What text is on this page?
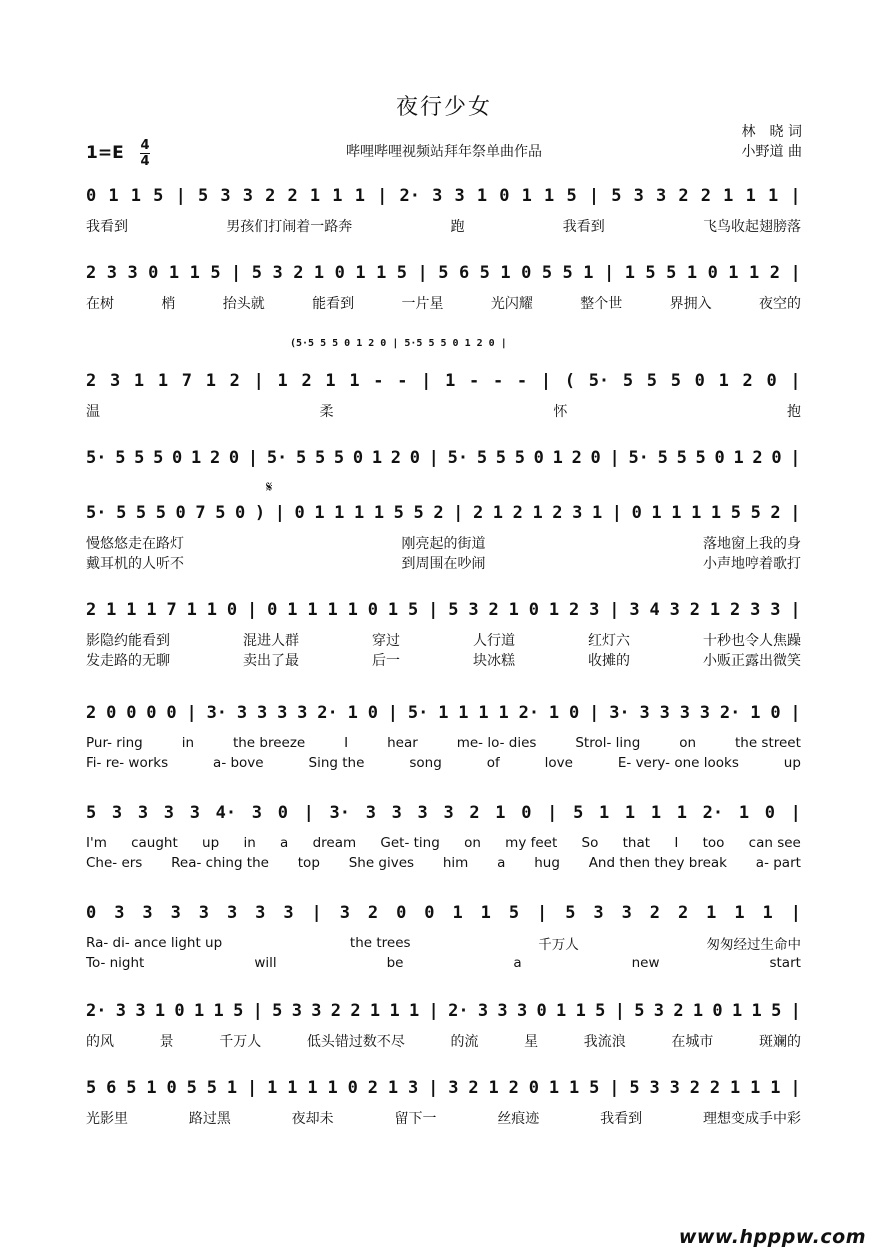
夜行少女
林　晓 词
小野道 曲
1=E 4
4
哔哩哔哩视频站拜年祭单曲作品
𝄋
0 1 1 5 | 5 3 3 2 2 1 1 1 | 2· 3 3 1 0 1 1 5 | 5 3 3 2 2 1 1 1 |
我看到	男孩们打闹着一路奔	跑	我看到	飞鸟收起翅膀落
2 3 3 0 1 1 5 | 5 3 2 1 0 1 1 5 | 5 6 5 1 0 5 5 1 | 1 5 5 1 0 1 1 2 |
在树	梢	抬头就	能看到	一片星	光闪耀	整个世	界拥入	夜空的
2 3 1 1 7 1 2 | 1 2 1 1 - - | 1 - - - | ( 5· 5 5 5 0 1 2 0 |
温	柔	怀	抱
(5·5 5 5 0 1 2 0 | 5·5 5 5 0 1 2 0 |
5· 5 5 5 0 1 2 0 | 5· 5 5 5 0 1 2 0 | 5· 5 5 5 0 1 2 0 | 5· 5 5 5 0 1 2 0 |
5· 5 5 5 0 7 5 0 ) | 0 1 1 1 1 5 5 2 | 2 1 2 1 2 3 1 | 0 1 1 1 1 5 5 2 |
慢悠悠走在路灯	刚亮起的街道	落地窗上我的身
戴耳机的人听不	到周围在吵闹	小声地哼着歌打
2 1 1 1 7 1 1 0 | 0 1 1 1 1 0 1 5 | 5 3 2 1 0 1 2 3 | 3 4 3 2 1 2 3 3 |
影隐约能看到	混进人群	穿过	人行道	红灯六	十秒也令人焦躁
发走路的无聊	卖出了最	后一	块冰糕	收摊的	小贩正露出微笑
2 0 0 0 0 | 3· 3 3 3 3 2· 1 0 | 5· 1 1 1 1 2· 1 0 | 3· 3 3 3 3 2· 1 0 |
Pur- ring	in	the breeze	I	hear	me- lo- dies	Strol- ling	on	the street
Fi- re- works	a- bove	Sing the	song	of	love	E- very- one looks	up
5 3 3 3 3 4· 3 0 | 3· 3 3 3 3 2 1 0 | 5 1 1 1 1 2· 1 0 |
I'm caught up in a dream Get- ting on my feet So that I too can see
Che- ers Rea- ching the top She gives him a hug And then they break a- part
0 3 3 3 3 3 3 3 | 3 2 0 0 1 1 5 | 5 3 3 2 2 1 1 1 |
Ra- di- ance light up	the trees	千万人	匆匆经过生命中
To- night	will	be	a	new	start
2· 3 3 1 0 1 1 5 | 5 3 3 2 2 1 1 1 | 2· 3 3 3 0 1 1 5 | 5 3 2 1 0 1 1 5 |
的风	景	千万人	低头错过数不尽	的流	星	我流浪	在城市	斑斓的
5 6 5 1 0 5 5 1 | 1 1 1 1 0 2 1 3 | 3 2 1 2 0 1 1 5 | 5 3 3 2 2 1 1 1 |
光影里	路过黑	夜却未	留下一	丝痕迹	我看到	理想变成手中彩
www.hpppw.com
